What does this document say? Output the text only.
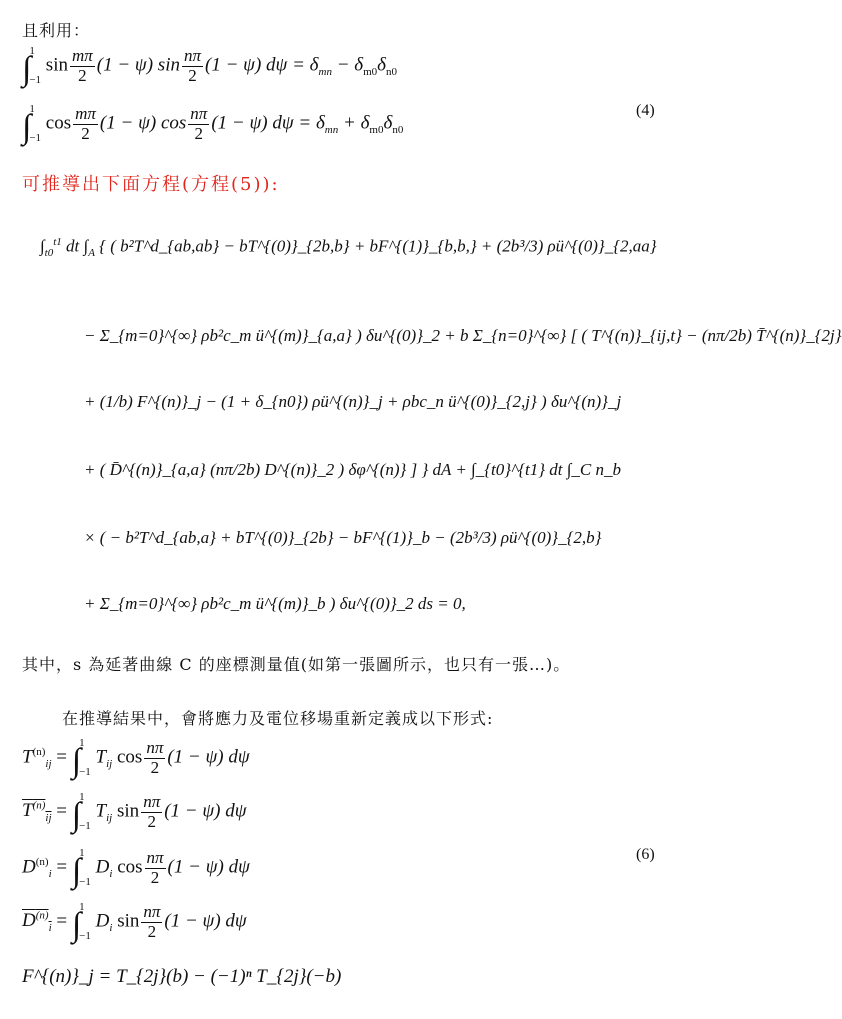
且利用：
∫
1
−1
$\sin \frac{m\pi}{2} (1 - \psi)$ $\sin \frac{n\pi}{2} (1 - \psi) d\psi = \delta_{mn} - \delta_{m0}\delta_{n0}$
∫
1
−1
$\cos \frac{m\pi}{2} (1 - \psi)$ $\cos \frac{n\pi}{2} (1 - \psi) d\psi = \delta_{mn} + \delta_{m0}\delta_{n0}$
(4)
可推導出下面方程(方程(5)):
$\int_{t0}^{t1}$ dt $\int_A$ { ( b²T^d_{ab,ab} − bT^{(0)}_{2b,b} + bF^{(1)}_{b,b,} + (2b³/3) ρü^{(0)}_{2,aa}
− Σ_{m=0}^{∞} ρb²c_m ü^{(m)}_{a,a} ) δu^{(0)}_2 + b Σ_{n=0}^{∞} [ ( T^{(n)}_{ij,t} − (nπ/2b) T̄^{(n)}_{2j}
+ (1/b) F^{(n)}_j − (1 + δ_{n0}) ρü^{(n)}_j + ρbc_n ü^{(0)}_{2,j} ) δu^{(n)}_j
+ ( D̄^{(n)}_{a,a} (nπ/2b) D^{(n)}_2 ) δφ^{(n)} ] } dA + ∫_{t0}^{t1} dt ∫_C n_b
× ( − b²T^d_{ab,a} + bT^{(0)}_{2b} − bF^{(1)}_b − (2b³/3) ρü^{(0)}_{2,b}
+ Σ_{m=0}^{∞} ρb²c_m ü^{(m)}_b ) δu^{(0)}_2 ds = 0,
其中，s 為延著曲線 C 的座標測量值(如第一張圖所示，也只有一張…)。
在推導結果中，會將應力及電位移場重新定義成以下形式:
$T^{(n)}_{ij}$ = ∫
1
−1
$T_{ij}$ $\cos \frac{n\pi}{2} (1 - \psi)$ dψ
$T^{(n)}_{ij}$ = ∫
1
−1
$T_{ij}$ $\sin \frac{n\pi}{2} (1 - \psi)$ dψ
$D^{(n)}_i$ = ∫
1
−1
$D_i$ $\cos \frac{n\pi}{2} (1 - \psi)$ dψ
(6)
$D^{(n)}_i$ = ∫
1
−1
$D_i$ $\sin \frac{n\pi}{2} (1 - \psi)$ dψ
F^{(n)}_j = T_{2j}(b) − (−1)ⁿ T_{2j}(−b)
